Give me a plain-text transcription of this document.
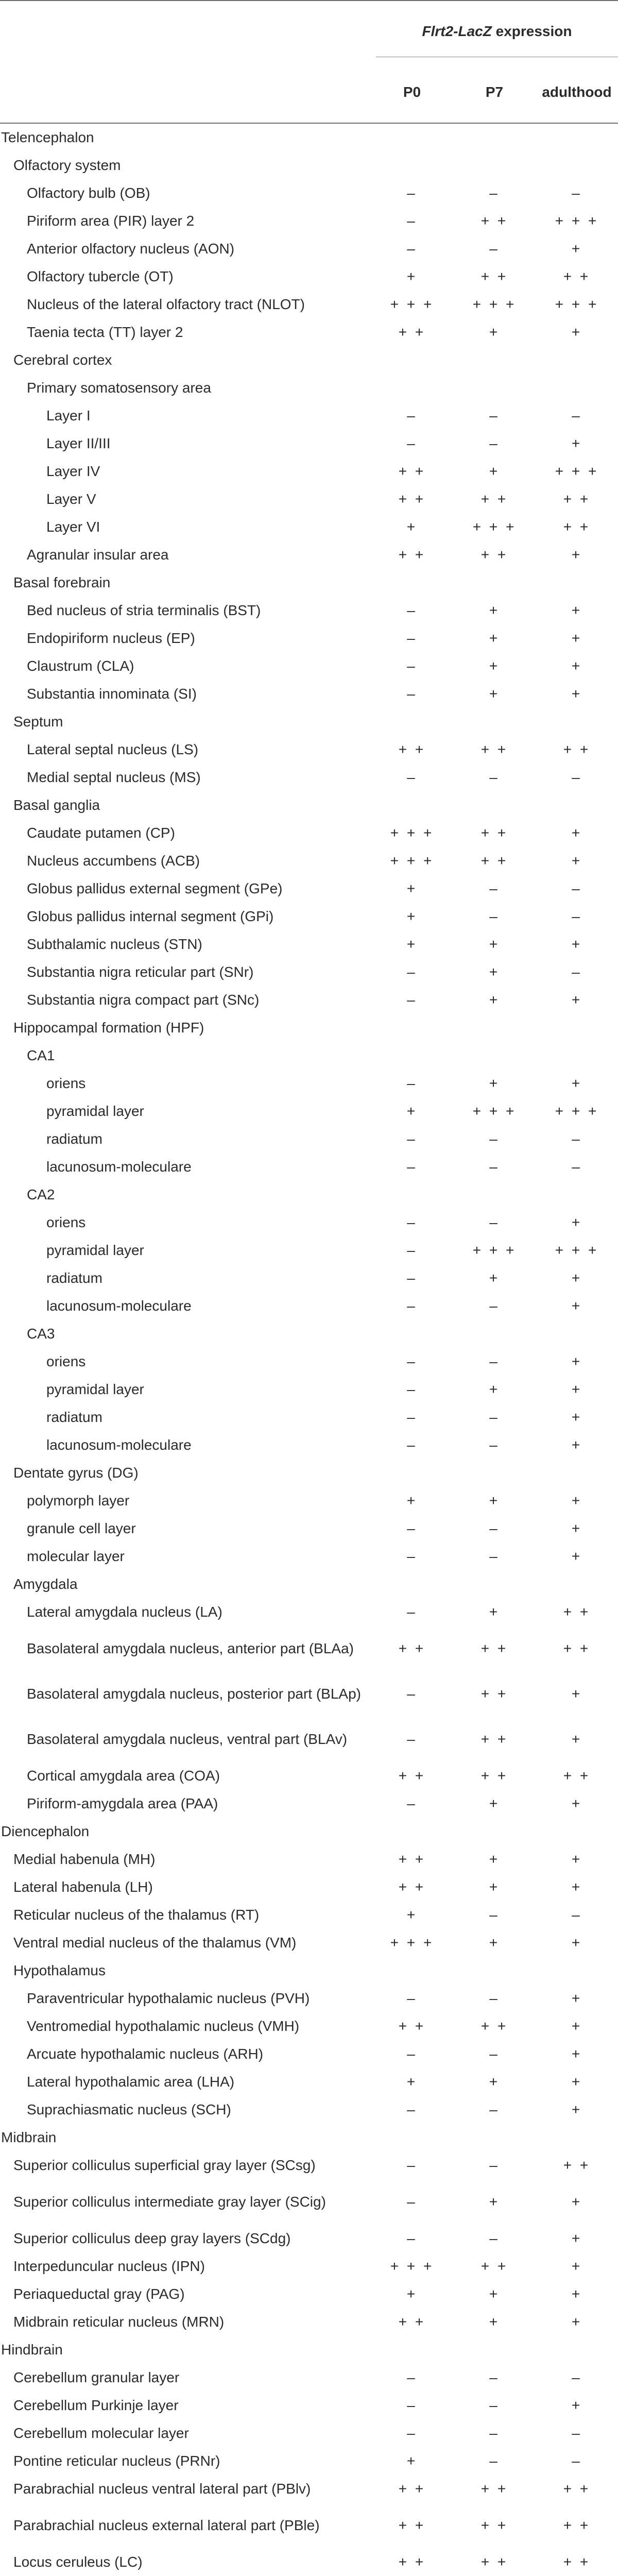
Flrt2-LacZ expression
P0	P7	adulthood
Telencephalon
Olfactory system
Olfactory bulb (OB)	–	–	–
Piriform area (PIR) layer 2	–	+ +	+ + +
Anterior olfactory nucleus (AON)	–	–	+
Olfactory tubercle (OT)	+	+ +	+ +
Nucleus of the lateral olfactory tract (NLOT)	+ + +	+ + +	+ + +
Taenia tecta (TT) layer 2	+ +	+	+
Cerebral cortex
Primary somatosensory area
Layer I	–	–	–
Layer II/III	–	–	+
Layer IV	+ +	+	+ + +
Layer V	+ +	+ +	+ +
Layer VI	+	+ + +	+ +
Agranular insular area	+ +	+ +	+
Basal forebrain
Bed nucleus of stria terminalis (BST)	–	+	+
Endopiriform nucleus (EP)	–	+	+
Claustrum (CLA)	–	+	+
Substantia innominata (SI)	–	+	+
Septum
Lateral septal nucleus (LS)	+ +	+ +	+ +
Medial septal nucleus (MS)	–	–	–
Basal ganglia
Caudate putamen (CP)	+ + +	+ +	+
Nucleus accumbens (ACB)	+ + +	+ +	+
Globus pallidus external segment (GPe)	+	–	–
Globus pallidus internal segment (GPi)	+	–	–
Subthalamic nucleus (STN)	+	+	+
Substantia nigra reticular part (SNr)	–	+	–
Substantia nigra compact part (SNc)	–	+	+
Hippocampal formation (HPF)
CA1
oriens	–	+	+
pyramidal layer	+	+ + +	+ + +
radiatum	–	–	–
lacunosum-moleculare	–	–	–
CA2
oriens	–	–	+
pyramidal layer	–	+ + +	+ + +
radiatum	–	+	+
lacunosum-moleculare	–	–	+
CA3
oriens	–	–	+
pyramidal layer	–	+	+
radiatum	–	–	+
lacunosum-moleculare	–	–	+
Dentate gyrus (DG)
polymorph layer	+	+	+
granule cell layer	–	–	+
molecular layer	–	–	+
Amygdala
Lateral amygdala nucleus (LA)	–	+	+ +
Basolateral amygdala nucleus, anterior part (BLAa)	+ +	+ +	+ +
Basolateral amygdala nucleus, posterior part (BLAp)	–	+ +	+
Basolateral amygdala nucleus, ventral part (BLAv)	–	+ +	+
Cortical amygdala area (COA)	+ +	+ +	+ +
Piriform-amygdala area (PAA)	–	+	+
Diencephalon
Medial habenula (MH)	+ +	+	+
Lateral habenula (LH)	+ +	+	+
Reticular nucleus of the thalamus (RT)	+	–	–
Ventral medial nucleus of the thalamus (VM)	+ + +	+	+
Hypothalamus
Paraventricular hypothalamic nucleus (PVH)	–	–	+
Ventromedial hypothalamic nucleus (VMH)	+ +	+ +	+
Arcuate hypothalamic nucleus (ARH)	–	–	+
Lateral hypothalamic area (LHA)	+	+	+
Suprachiasmatic nucleus (SCH)	–	–	+
Midbrain
Superior colliculus superficial gray layer (SCsg)	–	–	+ +
Superior colliculus intermediate gray layer (SCig)	–	+	+
Superior colliculus deep gray layers (SCdg)	–	–	+
Interpeduncular nucleus (IPN)	+ + +	+ +	+
Periaqueductal gray (PAG)	+	+	+
Midbrain reticular nucleus (MRN)	+ +	+	+
Hindbrain
Cerebellum granular layer	–	–	–
Cerebellum Purkinje layer	–	–	+
Cerebellum molecular layer	–	–	–
Pontine reticular nucleus (PRNr)	+	–	–
Parabrachial nucleus ventral lateral part (PBlv)	+ +	+ +	+ +
Parabrachial nucleus external lateral part (PBle)	+ +	+ +	+ +
Locus ceruleus (LC)	+ +	+ +	+ +
